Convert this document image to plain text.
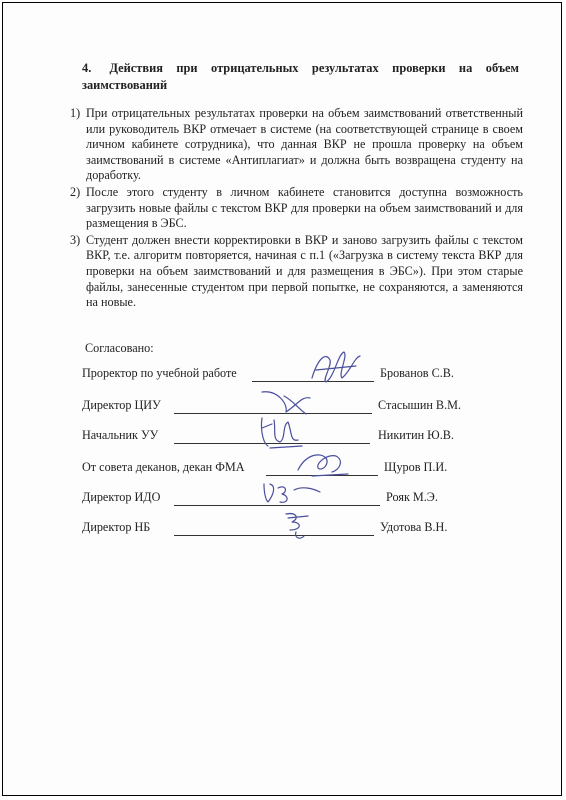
4. Действия при отрицательных результатах проверки на объем заимствований
1) При отрицательных результатах проверки на объем заимствований ответственный или руководитель ВКР отмечает в системе (на соответствующей странице в своем личном кабинете сотрудника), что данная ВКР не прошла проверку на объем заимствований в системе «Антиплагиат» и должна быть возвращена студенту на доработку.
2) После этого студенту в личном кабинете становится доступна возможность загрузить новые файлы с текстом ВКР для проверки на объем заимствований и для размещения в ЭБС.
3) Студент должен внести корректировки в ВКР и заново загрузить файлы с текстом ВКР, т.е. алгоритм повторяется, начиная с п.1 («Загрузка в систему текста ВКР для проверки на объем заимствований и для размещения в ЭБС»). При этом старые файлы, занесенные студентом при первой попытке, не сохраняются, а заменяются на новые.
Согласовано:
Проректор по учебной работе	Брованов С.В.
Директор ЦИУ	Стасышин В.М.
Начальник УУ	Никитин Ю.В.
От совета деканов, декан ФМА	Щуров П.И.
Директор ИДО	Рояк М.Э.
Директор НБ	Удотова В.Н.
